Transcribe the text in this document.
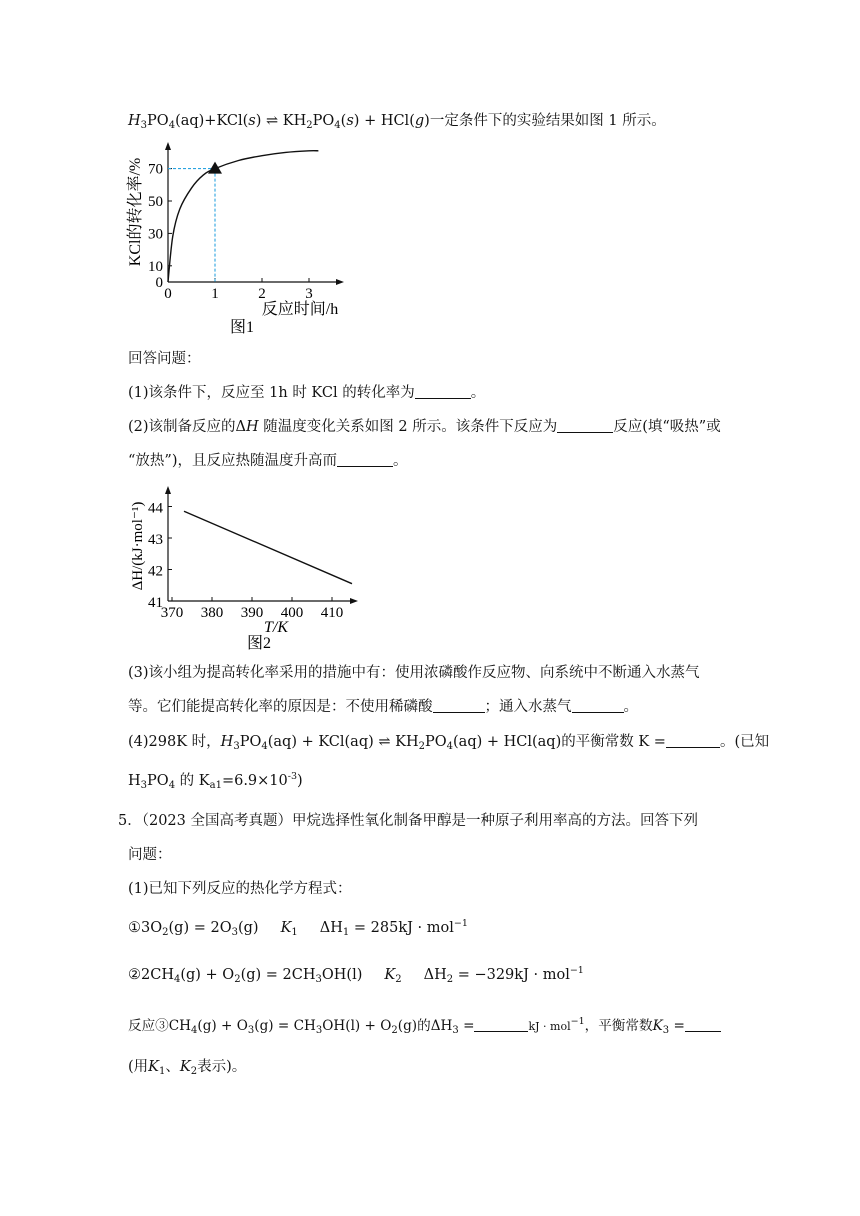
$H_3PO_4(aq)+KCl(s)$ ⇌ $KH_2PO_4(s) + HCl(g)$一定条件下的实验结果如图 1 所示。
0
10
30
50
70
0	1	2	3
KCl的转化率/%
反应时间/h
图1
回答问题：
(1)该条件下，反应至 1h 时 KCl 的转化率为	。
(2)该制备反应的ΔH 随温度变化关系如图 2 所示。该条件下反应为	反应(填“吸热”或
“放热”)，且反应热随温度升高而	。
41
42
43
44
370 380 390 400 410
ΔH/(kJ·mol⁻¹)
T/K
图2
(3)该小组为提高转化率采用的措施中有：使用浓磷酸作反应物、向系统中不断通入水蒸气
等。它们能提高转化率的原因是：不使用稀磷酸	；通入水蒸气	。
(4)298K 时，$H_3PO_4(aq) + KCl(aq)$ ⇌ $KH_2PO_4(aq) + HCl(aq)$的平衡常数 K =	。(已知
$H_3PO_4$ 的 $K_{a1}=6.9\times 10^{-3}$)
5．（2023 全国高考真题）甲烷选择性氧化制备甲醇是一种原子利用率高的方法。回答下列
问题：
(1)已知下列反应的热化学方程式：
$①3O_2(g) = 2O_3(g)$ $K_1$ $\Delta H_1 = 285kJ \cdot mol^{-1}$
$②2CH_4(g) + O_2(g) = 2CH_3OH(l)$ $K_2$ $\Delta H_2 = -329kJ \cdot mol^{-1}$
反应$③CH_4(g) + O_3(g) = CH_3OH(l) + O_2(g)$的$\Delta H_3$ =	kJ · mol$^{-1}$，平衡常数$K_3$ =
(用$K_1$、$K_2$表示)。
